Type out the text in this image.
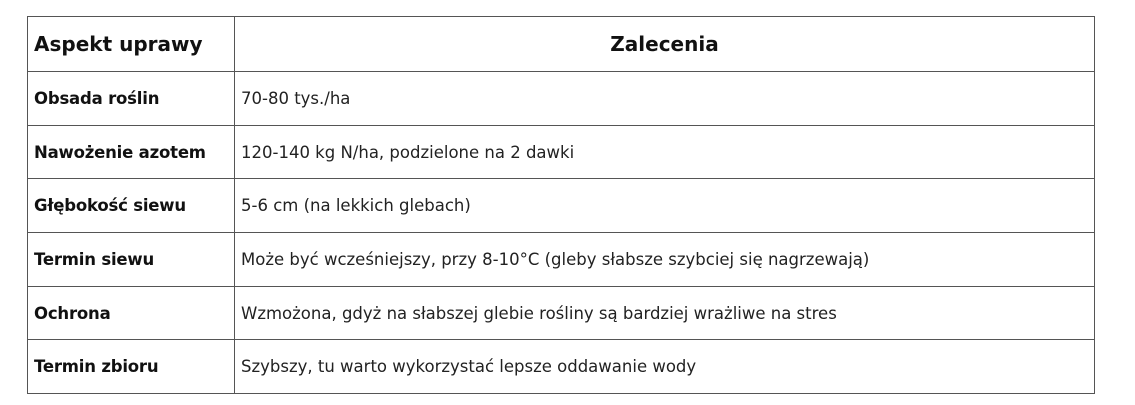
Aspekt uprawy	Zalecenia
Obsada roślin	70-80 tys./ha
Nawożenie azotem	120-140 kg N/ha, podzielone na 2 dawki
Głębokość siewu	5-6 cm (na lekkich glebach)
Termin siewu	Może być wcześniejszy, przy 8-10°C (gleby słabsze szybciej się nagrzewają)
Ochrona	Wzmożona, gdyż na słabszej glebie rośliny są bardziej wrażliwe na stres
Termin zbioru	Szybszy, tu warto wykorzystać lepsze oddawanie wody
